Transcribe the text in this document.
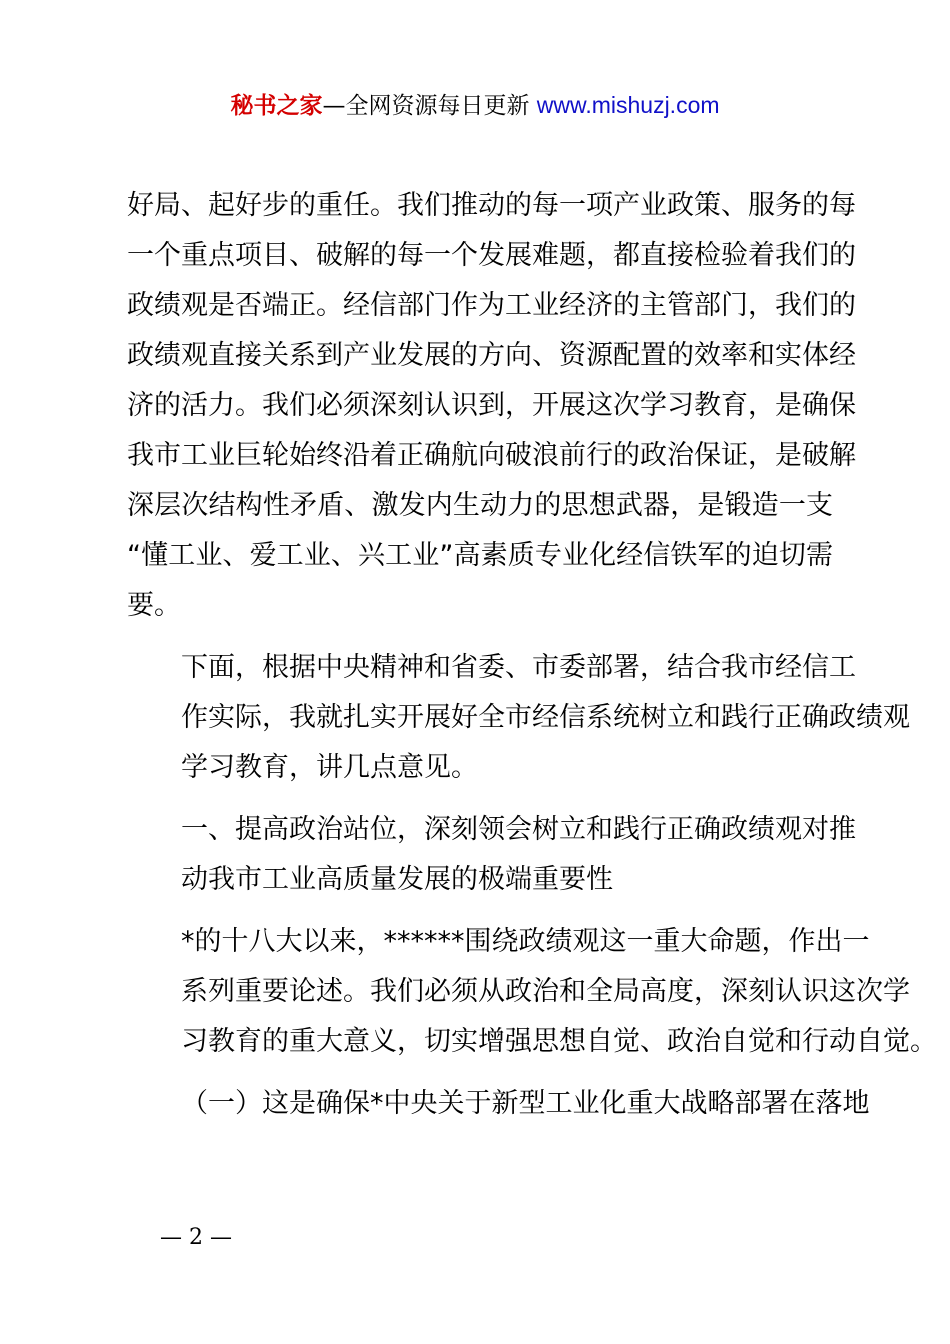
秘书之家—全网资源每日更新 www.mishuzj.com
好局、起好步的重任。我们推动的每一项产业政策、服务的每
一个重点项目、破解的每一个发展难题，都直接检验着我们的
政绩观是否端正。经信部门作为工业经济的主管部门，我们的
政绩观直接关系到产业发展的方向、资源配置的效率和实体经
济的活力。我们必须深刻认识到，开展这次学习教育，是确保
我市工业巨轮始终沿着正确航向破浪前行的政治保证，是破解
深层次结构性矛盾、激发内生动力的思想武器，是锻造一支
“懂工业、爱工业、兴工业”高素质专业化经信铁军的迫切需
要。
下面，根据中央精神和省委、市委部署，结合我市经信工
作实际，我就扎实开展好全市经信系统树立和践行正确政绩观
学习教育，讲几点意见。
一、提高政治站位，深刻领会树立和践行正确政绩观对推
动我市工业高质量发展的极端重要性
*的十八大以来，******围绕政绩观这一重大命题，作出一
系列重要论述。我们必须从政治和全局高度，深刻认识这次学
习教育的重大意义，切实增强思想自觉、政治自觉和行动自觉。
（一）这是确保*中央关于新型工业化重大战略部署在落地
— 2 —
